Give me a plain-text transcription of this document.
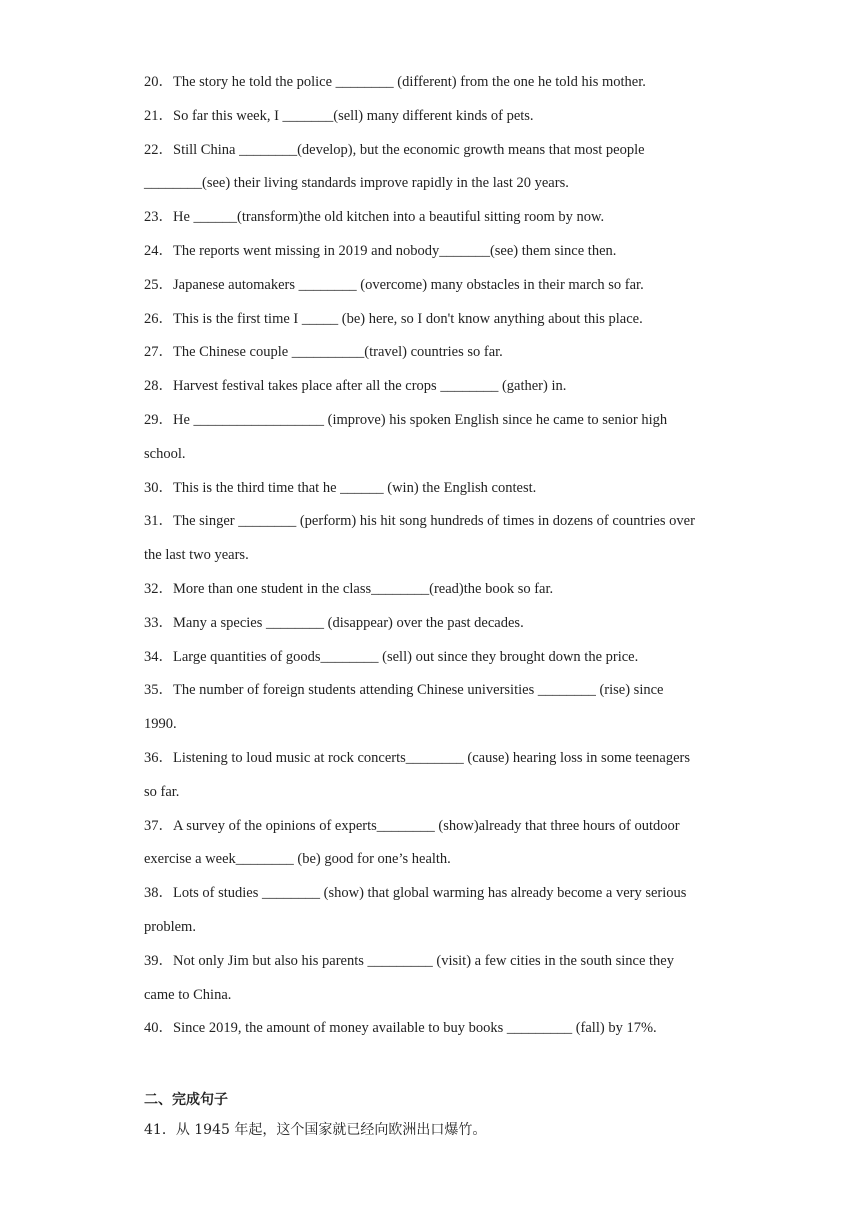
20．The story he told the police ________ (different) from the one he told his mother.
21．So far this week, I _______(sell) many different kinds of pets.
22．Still China ________(develop), but the economic growth means that most people
________(see) their living standards improve rapidly in the last 20 years.
23．He ______(transform)the old kitchen into a beautiful sitting room by now.
24．The reports went missing in 2019 and nobody_______(see) them since then.
25．Japanese automakers ________ (overcome) many obstacles in their march so far.
26．This is the first time I _____ (be) here, so I don't know anything about this place.
27．The Chinese couple __________(travel) countries so far.
28．Harvest festival takes place after all the crops ________ (gather) in.
29．He __________________ (improve) his spoken English since he came to senior high
school.
30．This is the third time that he ______ (win) the English contest.
31．The singer ________ (perform) his hit song hundreds of times in dozens of countries over
the last two years.
32．More than one student in the class________(read)the book so far.
33．Many a species ________ (disappear) over the past decades.
34．Large quantities of goods________ (sell) out since they brought down the price.
35．The number of foreign students attending Chinese universities ________ (rise) since
1990.
36．Listening to loud music at rock concerts________ (cause) hearing loss in some teenagers
so far.
37．A survey of the opinions of experts________ (show)already that three hours of outdoor
exercise a week________ (be) good for one’s health.
38．Lots of studies ________ (show) that global warming has already become a very serious
problem.
39．Not only Jim but also his parents _________ (visit) a few cities in the south since they
came to China.
40．Since 2019, the amount of money available to buy books _________ (fall) by 17%.
二、完成句子
41．从 1945 年起，这个国家就已经向欧洲出口爆竹。
